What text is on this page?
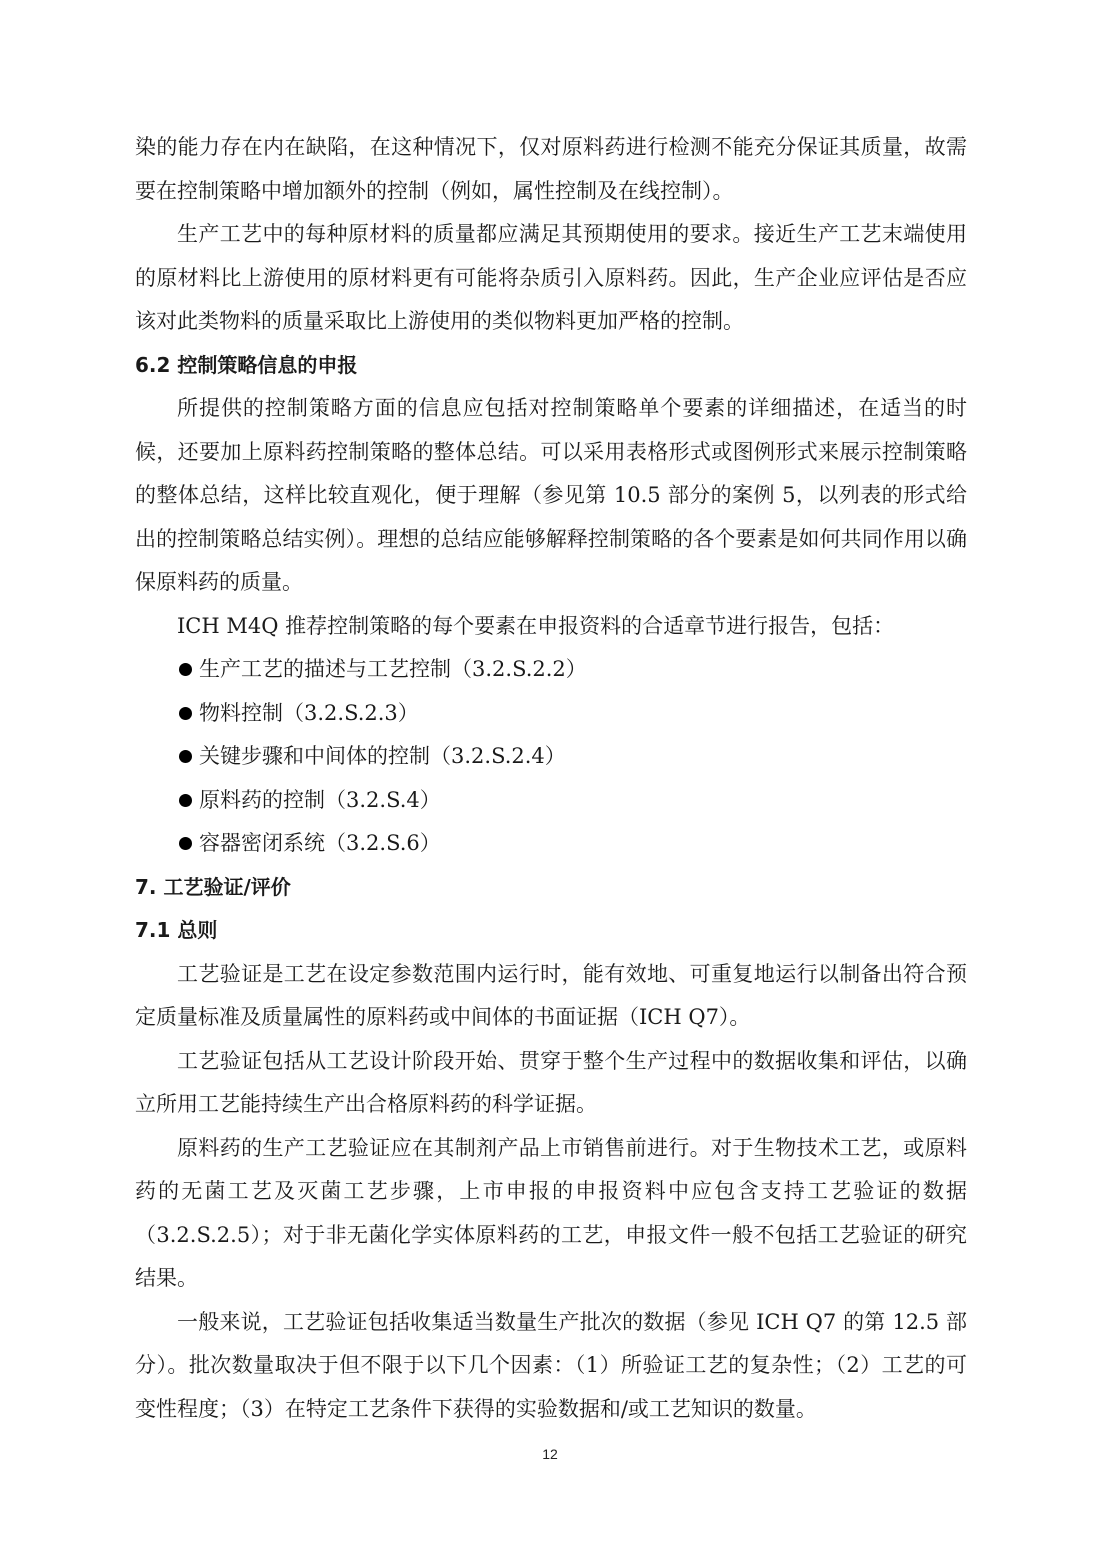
染的能力存在内在缺陷，在这种情况下，仅对原料药进行检测不能充分保证其质量，故需要在控制策略中增加额外的控制（例如，属性控制及在线控制）。

生产工艺中的每种原材料的质量都应满足其预期使用的要求。接近生产工艺末端使用的原材料比上游使用的原材料更有可能将杂质引入原料药。因此，生产企业应评估是否应该对此类物料的质量采取比上游使用的类似物料更加严格的控制。

6.2 控制策略信息的申报

所提供的控制策略方面的信息应包括对控制策略单个要素的详细描述，在适当的时候，还要加上原料药控制策略的整体总结。可以采用表格形式或图例形式来展示控制策略的整体总结，这样比较直观化，便于理解（参见第 10.5 部分的案例 5，以列表的形式给出的控制策略总结实例）。理想的总结应能够解释控制策略的各个要素是如何共同作用以确保原料药的质量。

ICH M4Q 推荐控制策略的每个要素在申报资料的合适章节进行报告，包括：

生产工艺的描述与工艺控制（3.2.S.2.2）
物料控制（3.2.S.2.3）
关键步骤和中间体的控制（3.2.S.2.4）
原料药的控制（3.2.S.4）
容器密闭系统（3.2.S.6）
7. 工艺验证/评价
7.1 总则

工艺验证是工艺在设定参数范围内运行时，能有效地、可重复地运行以制备出符合预定质量标准及质量属性的原料药或中间体的书面证据（ICH Q7）。

工艺验证包括从工艺设计阶段开始、贯穿于整个生产过程中的数据收集和评估，以确立所用工艺能持续生产出合格原料药的科学证据。

原料药的生产工艺验证应在其制剂产品上市销售前进行。对于生物技术工艺，或原料药的无菌工艺及灭菌工艺步骤，上市申报的申报资料中应包含支持工艺验证的数据（3.2.S.2.5）；对于非无菌化学实体原料药的工艺，申报文件一般不包括工艺验证的研究结果。

一般来说，工艺验证包括收集适当数量生产批次的数据（参见 ICH Q7 的第 12.5 部分）。批次数量取决于但不限于以下几个因素：（1）所验证工艺的复杂性；（2）工艺的可变性程度；（3）在特定工艺条件下获得的实验数据和/或工艺知识的数量。

12
